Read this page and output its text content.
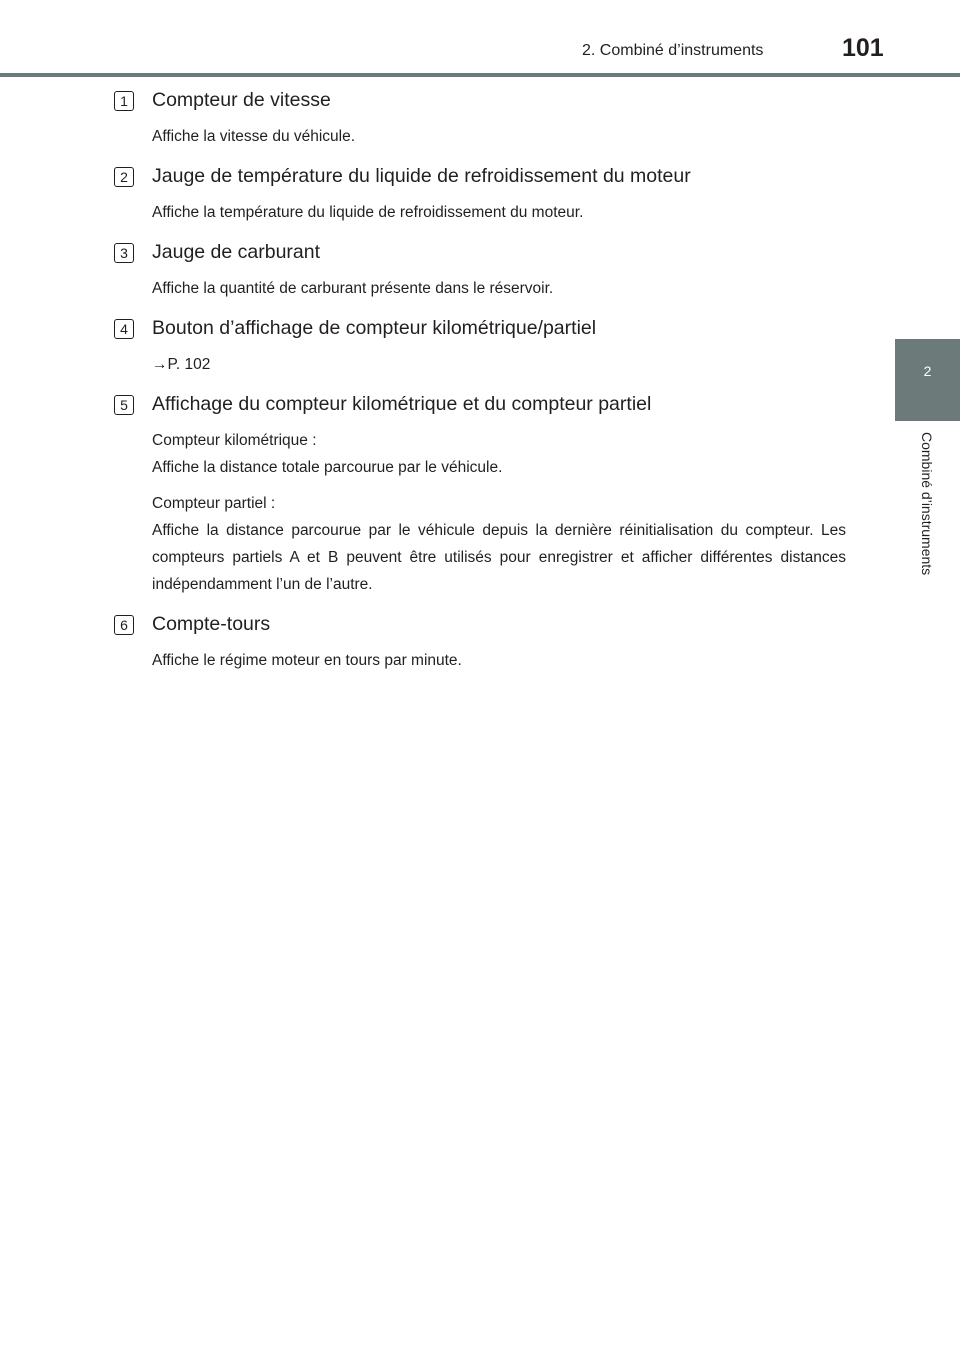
2. Combiné d’instruments	101
2
Combiné d’instruments
1	Compteur de vitesse

Affiche la vitesse du véhicule.

2	Jauge de température du liquide de refroidissement du moteur

Affiche la température du liquide de refroidissement du moteur.

3	Jauge de carburant

Affiche la quantité de carburant présente dans le réservoir.

4	Bouton d’affichage de compteur kilométrique/partiel

→P. 102

5	Affichage du compteur kilométrique et du compteur partiel

Compteur kilométrique :

Affiche la distance totale parcourue par le véhicule.

Compteur partiel :

Affiche la distance parcourue par le véhicule depuis la dernière réinitialisation du compteur. Les compteurs partiels A et B peuvent être utilisés pour enregistrer et afficher différentes distances indépendamment l’un de l’autre.

6	Compte-tours

Affiche le régime moteur en tours par minute.
